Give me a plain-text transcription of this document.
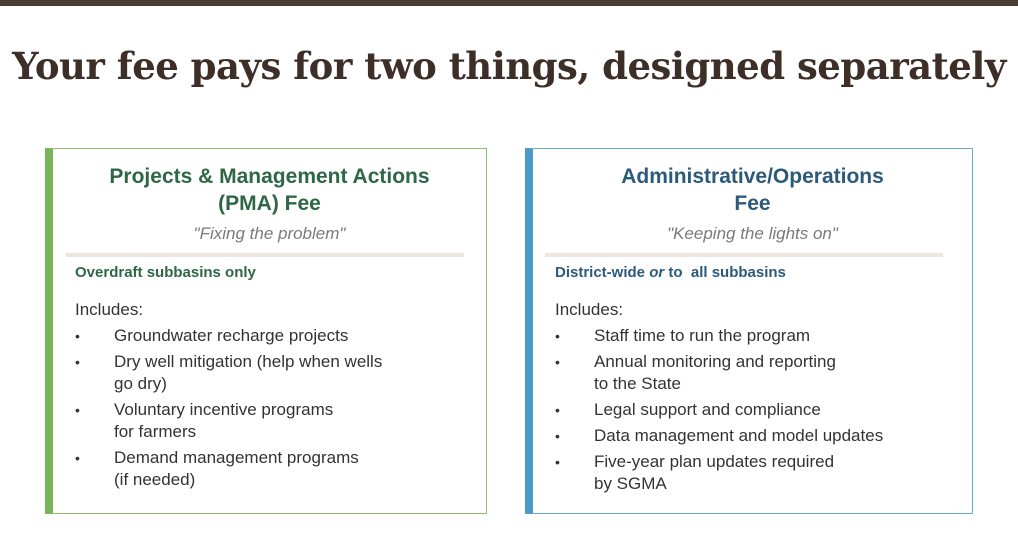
Your fee pays for two things, designed separately
Projects & Management Actions
(PMA) Fee
"Fixing the problem"
Overdraft subbasins only
Includes:
• Groundwater recharge projects
• Dry well mitigation (help when wells
go dry)
• Voluntary incentive programs
for farmers
• Demand management programs
(if needed)
Administrative/Operations
Fee
"Keeping the lights on"
District-wide or to  all subbasins
Includes:
• Staff time to run the program
• Annual monitoring and reporting
to the State
• Legal support and compliance
• Data management and model updates
• Five-year plan updates required
by SGMA
